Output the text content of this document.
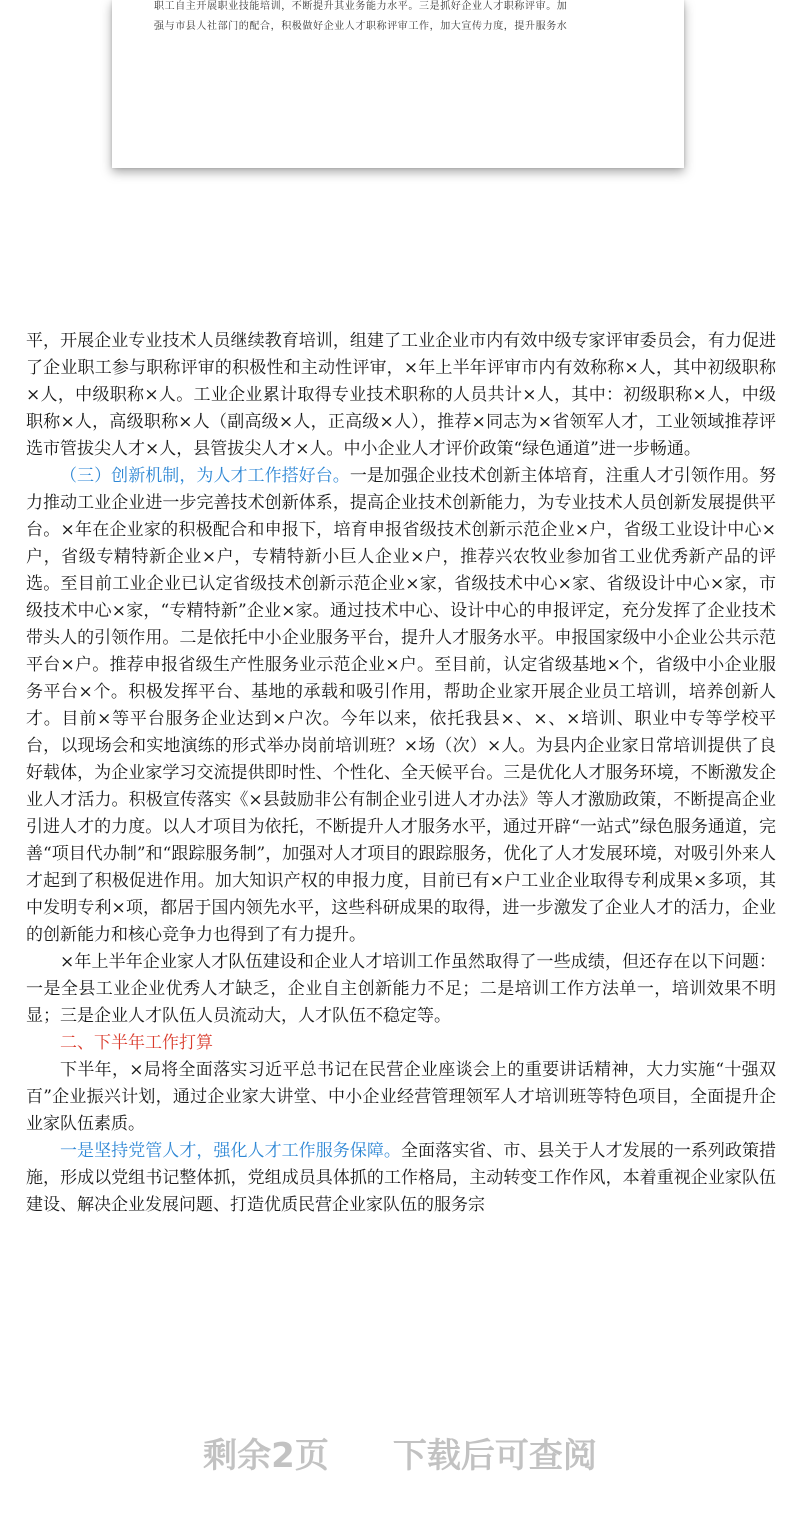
职工自主开展职业技能培训，不断提升其业务能力水平。三是抓好企业人才职称评审。加

强与市县人社部门的配合，积极做好企业人才职称评审工作，加大宣传力度，提升服务水

平，开展企业专业技术人员继续教育培训，组建了工业企业市内有效中级专家评审委员会，有力促进了企业职工参与职称评审的积极性和主动性评审，×年上半年评审市内有效称称×人，其中初级职称×人，中级职称×人。工业企业累计取得专业技术职称的人员共计×人，其中：初级职称×人，中级职称×人，高级职称×人（副高级×人，正高级×人），推荐×同志为×省领军人才，工业领域推荐评选市管拔尖人才×人，县管拔尖人才×人。中小企业人才评价政策“绿色通道”进一步畅通。

（三）创新机制，为人才工作搭好台。一是加强企业技术创新主体培育，注重人才引领作用。努力推动工业企业进一步完善技术创新体系，提高企业技术创新能力，为专业技术人员创新发展提供平台。×年在企业家的积极配合和申报下，培育申报省级技术创新示范企业×户，省级工业设计中心×户，省级专精特新企业×户，专精特新小巨人企业×户，推荐兴农牧业参加省工业优秀新产品的评选。至目前工业企业已认定省级技术创新示范企业×家，省级技术中心×家、省级设计中心×家，市级技术中心×家，“专精特新”企业×家。通过技术中心、设计中心的申报评定，充分发挥了企业技术带头人的引领作用。二是依托中小企业服务平台，提升人才服务水平。申报国家级中小企业公共示范平台×户。推荐申报省级生产性服务业示范企业×户。至目前，认定省级基地×个，省级中小企业服务平台×个。积极发挥平台、基地的承载和吸引作用，帮助企业家开展企业员工培训，培养创新人才。目前×等平台服务企业达到×户次。今年以来，依托我县×、×、×培训、职业中专等学校平台，以现场会和实地演练的形式举办岗前培训班？×场（次）×人。为县内企业家日常培训提供了良好载体，为企业家学习交流提供即时性、个性化、全天候平台。三是优化人才服务环境，不断激发企业人才活力。积极宣传落实《×县鼓励非公有制企业引进人才办法》等人才激励政策，不断提高企业引进人才的力度。以人才项目为依托，不断提升人才服务水平，通过开辟“一站式”绿色服务通道，完善“项目代办制”和“跟踪服务制”，加强对人才项目的跟踪服务，优化了人才发展环境，对吸引外来人才起到了积极促进作用。加大知识产权的申报力度，目前已有×户工业企业取得专利成果×多项，其中发明专利×项，都居于国内领先水平，这些科研成果的取得，进一步激发了企业人才的活力，企业的创新能力和核心竞争力也得到了有力提升。

×年上半年企业家人才队伍建设和企业人才培训工作虽然取得了一些成绩，但还存在以下问题：一是全县工业企业优秀人才缺乏，企业自主创新能力不足；二是培训工作方法单一，培训效果不明显；三是企业人才队伍人员流动大，人才队伍不稳定等。

二、下半年工作打算

下半年，×局将全面落实习近平总书记在民营企业座谈会上的重要讲话精神，大力实施“十强双百”企业振兴计划，通过企业家大讲堂、中小企业经营管理领军人才培训班等特色项目，全面提升企业家队伍素质。

一是坚持党管人才，强化人才工作服务保障。全面落实省、市、县关于人才发展的一系列政策措施，形成以党组书记整体抓，党组成员具体抓的工作格局，主动转变工作作风，本着重视企业家队伍建设、解决企业发展问题、打造优质民营企业家队伍的服务宗

剩余2页 下载后可查阅
